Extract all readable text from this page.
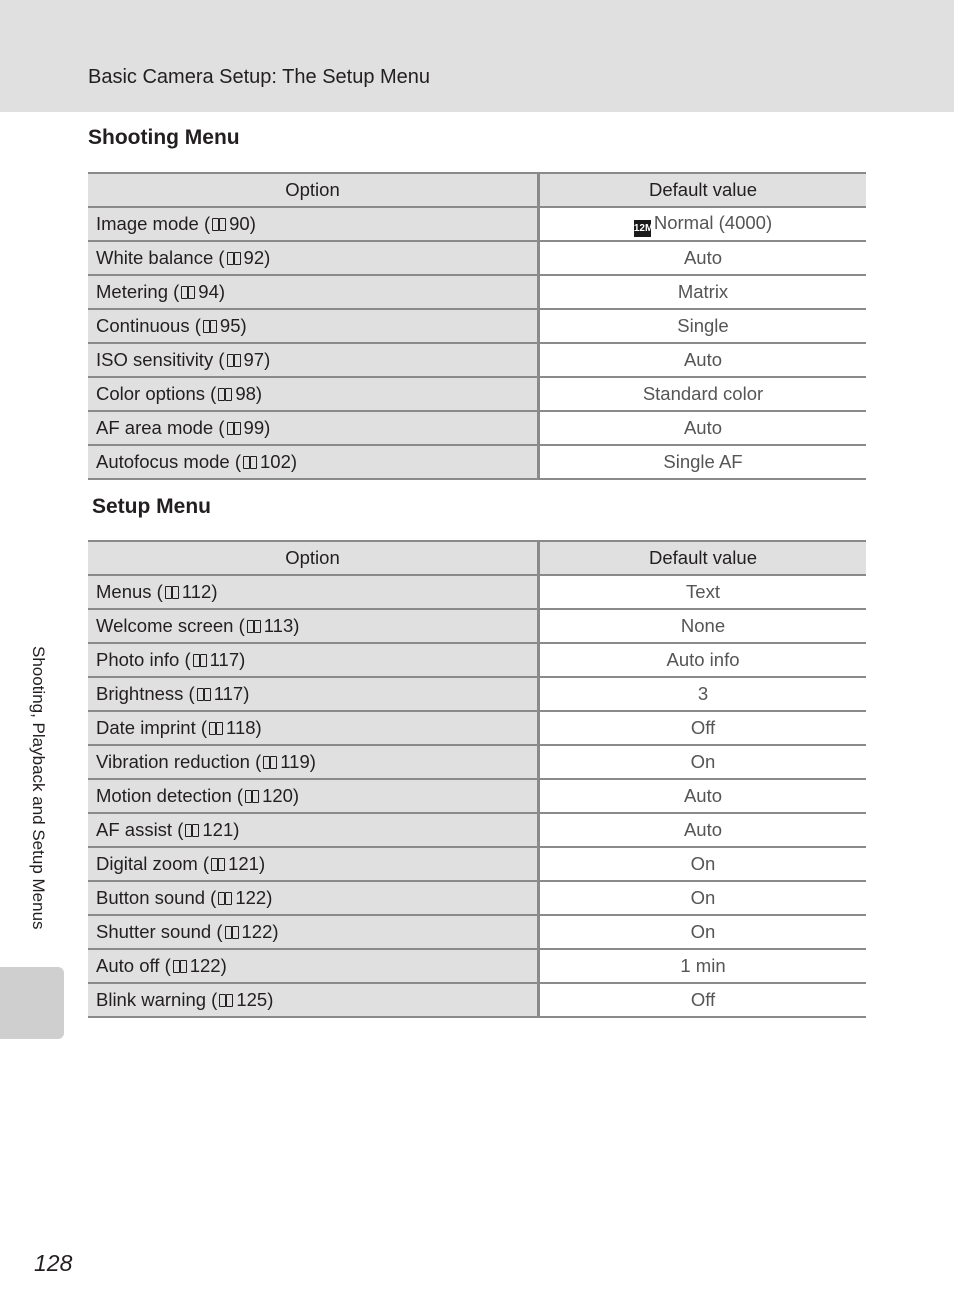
Basic Camera Setup: The Setup Menu
Shooting Menu
Option	Default value
Image mode ( 90)	12MNormal (4000)
White balance ( 92)	Auto
Metering ( 94)	Matrix
Continuous ( 95)	Single
ISO sensitivity ( 97)	Auto
Color options ( 98)	Standard color
AF area mode ( 99)	Auto
Autofocus mode ( 102)	Single AF
Setup Menu
Option	Default value
Menus ( 112)	Text
Welcome screen ( 113)	None
Photo info ( 117)	Auto info
Brightness ( 117)	3
Date imprint ( 118)	Off
Vibration reduction ( 119)	On
Motion detection ( 120)	Auto
AF assist ( 121)	Auto
Digital zoom ( 121)	On
Button sound ( 122)	On
Shutter sound ( 122)	On
Auto off ( 122)	1 min
Blink warning ( 125)	Off
Shooting, Playback and Setup Menus
128
